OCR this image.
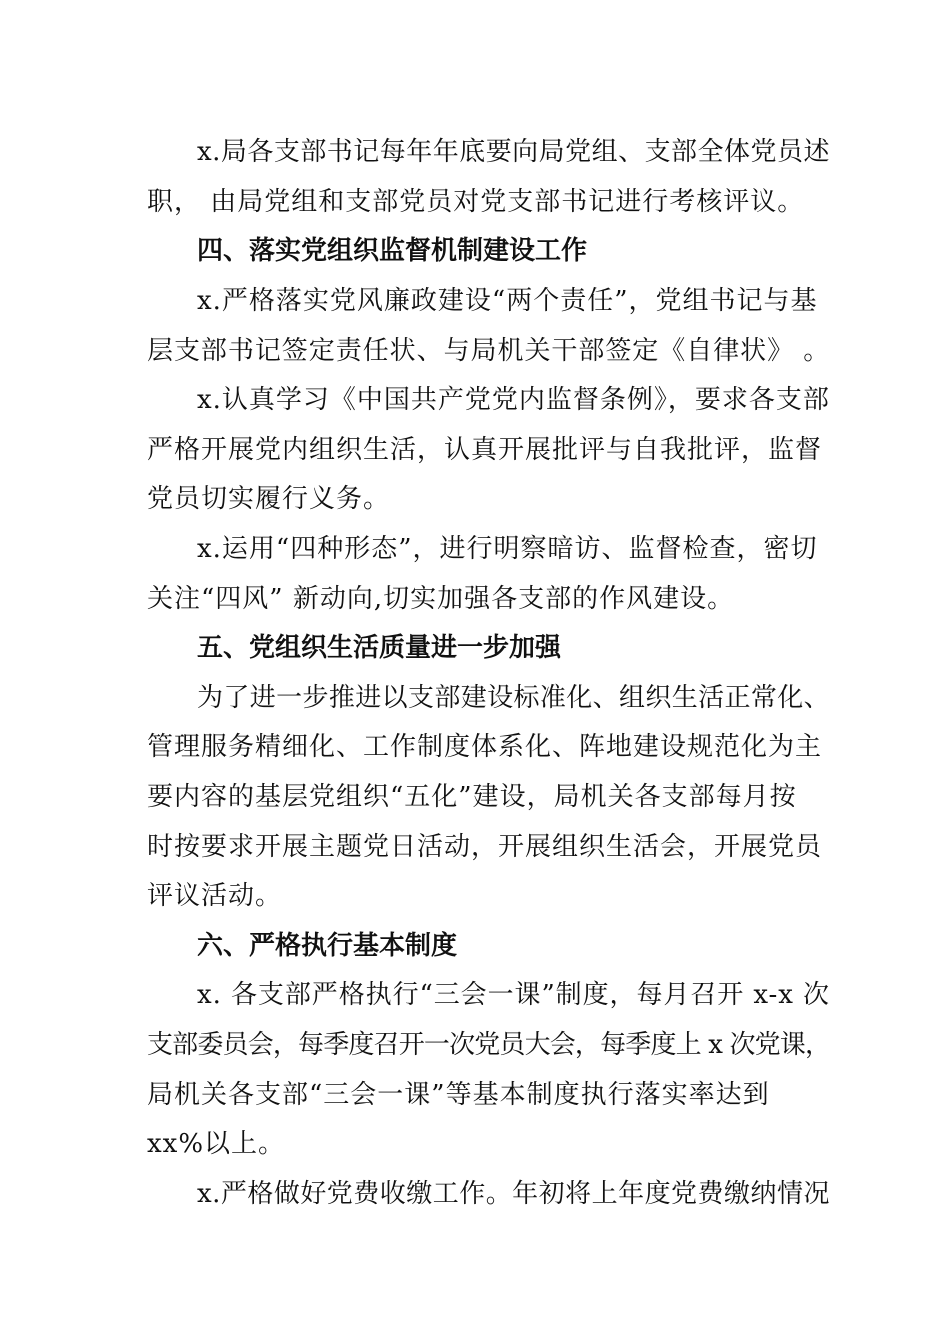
x.局各支部书记每年年底要向局党组、支部全体党员述
职， 由局党组和支部党员对党支部书记进行考核评议。
四、落实党组织监督机制建设工作
x.严格落实党风廉政建设“两个责任”，党组书记与基
层支部书记签定责任状、与局机关干部签定《自律状》 。
x.认真学习《中国共产党党内监督条例》，要求各支部
严格开展党内组织生活，认真开展批评与自我批评，监督
党员切实履行义务。
x.运用“四种形态”，进行明察暗访、监督检查，密切
关注“四风” 新动向,切实加强各支部的作风建设。
五、党组织生活质量进一步加强
为了进一步推进以支部建设标准化、组织生活正常化、
管理服务精细化、工作制度体系化、阵地建设规范化为主
要内容的基层党组织“五化”建设，局机关各支部每月按
时按要求开展主题党日活动，开展组织生活会，开展党员
评议活动。
六、严格执行基本制度
x. 各支部严格执行“三会一课”制度，每月召开 x-x 次
支部委员会，每季度召开一次党员大会，每季度上 x 次党课，
局机关各支部“三会一课”等基本制度执行落实率达到
xx%以上。
x.严格做好党费收缴工作。年初将上年度党费缴纳情况
